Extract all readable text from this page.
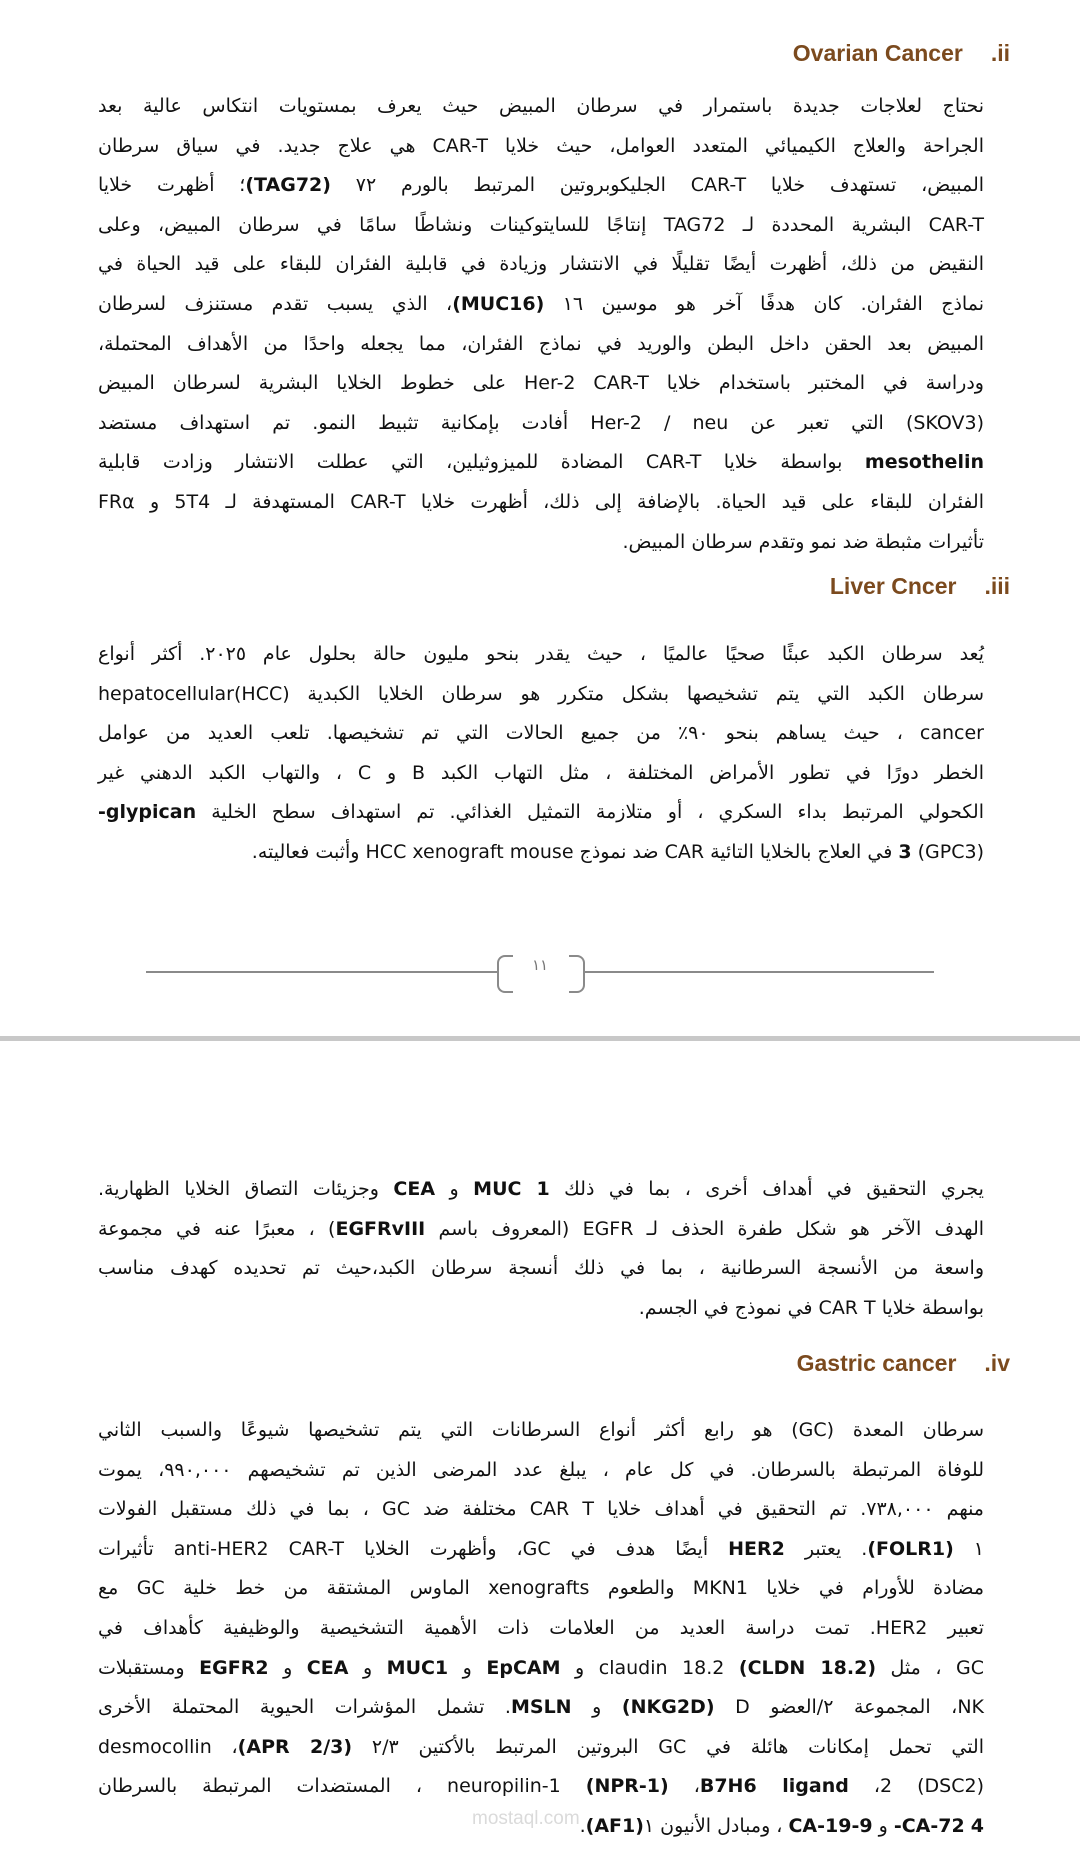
Ovarian Cancer .ii
نحتاج لعلاجات جديدة باستمرار في سرطان المبيض حيث يعرف بمستويات انتكاس عالية بعد
الجراحة والعلاج الكيميائي المتعدد العوامل، حيث خلايا CAR-T هي علاج جديد. في سياق سرطان
المبيض، تستهدف خلايا CAR-T الجليكوبروتين المرتبط بالورم ٧٢ (TAG72)؛ أظهرت خلايا
CAR-T البشرية المحددة لـ TAG72 إنتاجًا للسايتوكينات ونشاطًا سامًا في سرطان المبيض، وعلى
النقيض من ذلك، أظهرت أيضًا تقليلًا في الانتشار وزيادة في قابلية الفئران للبقاء على قيد الحياة في
نماذج الفئران. كان هدفًا آخر هو موسين ١٦ (MUC16)، الذي يسبب تقدم مستنزف لسرطان
المبيض بعد الحقن داخل البطن والوريد في نماذج الفئران، مما يجعله واحدًا من الأهداف المحتملة،
ودراسة في المختبر باستخدام خلايا Her-2 CAR-T على خطوط الخلايا البشرية لسرطان المبيض
(SKOV3) التي تعبر عن Her-2 / neu أفادت بإمكانية تثبيط النمو. تم استهداف مستضد
mesothelin بواسطة خلايا CAR-T المضادة للميزوثيلين، التي عطلت الانتشار وزادت قابلية
الفئران للبقاء على قيد الحياة. بالإضافة إلى ذلك، أظهرت خلايا CAR-T المستهدفة لـ 5T4 و FRα
تأثيرات مثبطة ضد نمو وتقدم سرطان المبيض.
Liver Cncer .iii
يُعد سرطان الكبد عبئًا صحيًا عالميًا ، حيث يقدر بنحو مليون حالة بحلول عام ٢٠٢٥. أكثر أنواع
سرطان الكبد التي يتم تشخيصها بشكل متكرر هو سرطان الخلايا الكبدية (HCC)hepatocellular
cancer ، حيث يساهم بنحو ٩٠٪ من جميع الحالات التي تم تشخيصها. تلعب العديد من عوامل
الخطر دورًا في تطور الأمراض المختلفة ، مثل التهاب الكبد B و C ، والتهاب الكبد الدهني غير
الكحولي المرتبط بداء السكري ، أو متلازمة التمثيل الغذائي. تم استهداف سطح الخلية glypican-
(GPC3) 3 في العلاج بالخلايا التائية CAR ضد نموذج HCC xenograft mouse وأثبت فعاليته.
١١
يجري التحقيق في أهداف أخرى ، بما في ذلك MUC 1 و CEA وجزيئات التصاق الخلايا الظهارية.
الهدف الآخر هو شكل طفرة الحذف لـ EGFR (المعروف باسم EGFRvIII) ، معبرًا عنه في مجموعة
واسعة من الأنسجة السرطانية ، بما في ذلك أنسجة سرطان الكبد،حيث تم تحديده كهدف مناسب
بواسطة خلايا CAR T في نموذج في الجسم.
Gastric cancer .iv
سرطان المعدة (GC) هو رابع أكثر أنواع السرطانات التي يتم تشخيصها شيوعًا والسبب الثاني
للوفاة المرتبطة بالسرطان. في كل عام ، يبلغ عدد المرضى الذين تم تشخيصهم ٩٩٠,٠٠٠، يموت
منهم ٧٣٨,٠٠٠. تم التحقيق في أهداف خلايا CAR T مختلفة ضد GC ، بما في ذلك مستقبل الفولات
١ (FOLR1). يعتبر HER2 أيضًا هدف في GC، وأظهرت الخلايا anti-HER2 CAR-T تأثيرات
مضادة للأورام في خلايا MKN1 والطعوم xenografts الماوس المشتقة من خط خلية GC مع
تعبير HER2. تمت دراسة العديد من العلامات ذات الأهمية التشخيصية والوظيفية كأهداف في
GC ، مثل (CLDN 18.2) claudin 18.2 و EpCAM و MUC1 و CEA و EGFR2 ومستقبلات
NK، المجموعة ٢/العضو D (NKG2D) و MSLN. تشمل المؤشرات الحيوية المحتملة الأخرى
التي تحمل إمكانات هائلة في GC البروتين المرتبط بالأكتين ٢/٣ (APR 2/3)، desmocollin
(DSC2) 2، B7H6 ligand، (NPR-1) neuropilin-1 ، المستضدات المرتبطة بالسرطان
4 CA-72- و CA-19-9 ، ومبادل الأنيون ١(AF1).
mostaql.com
